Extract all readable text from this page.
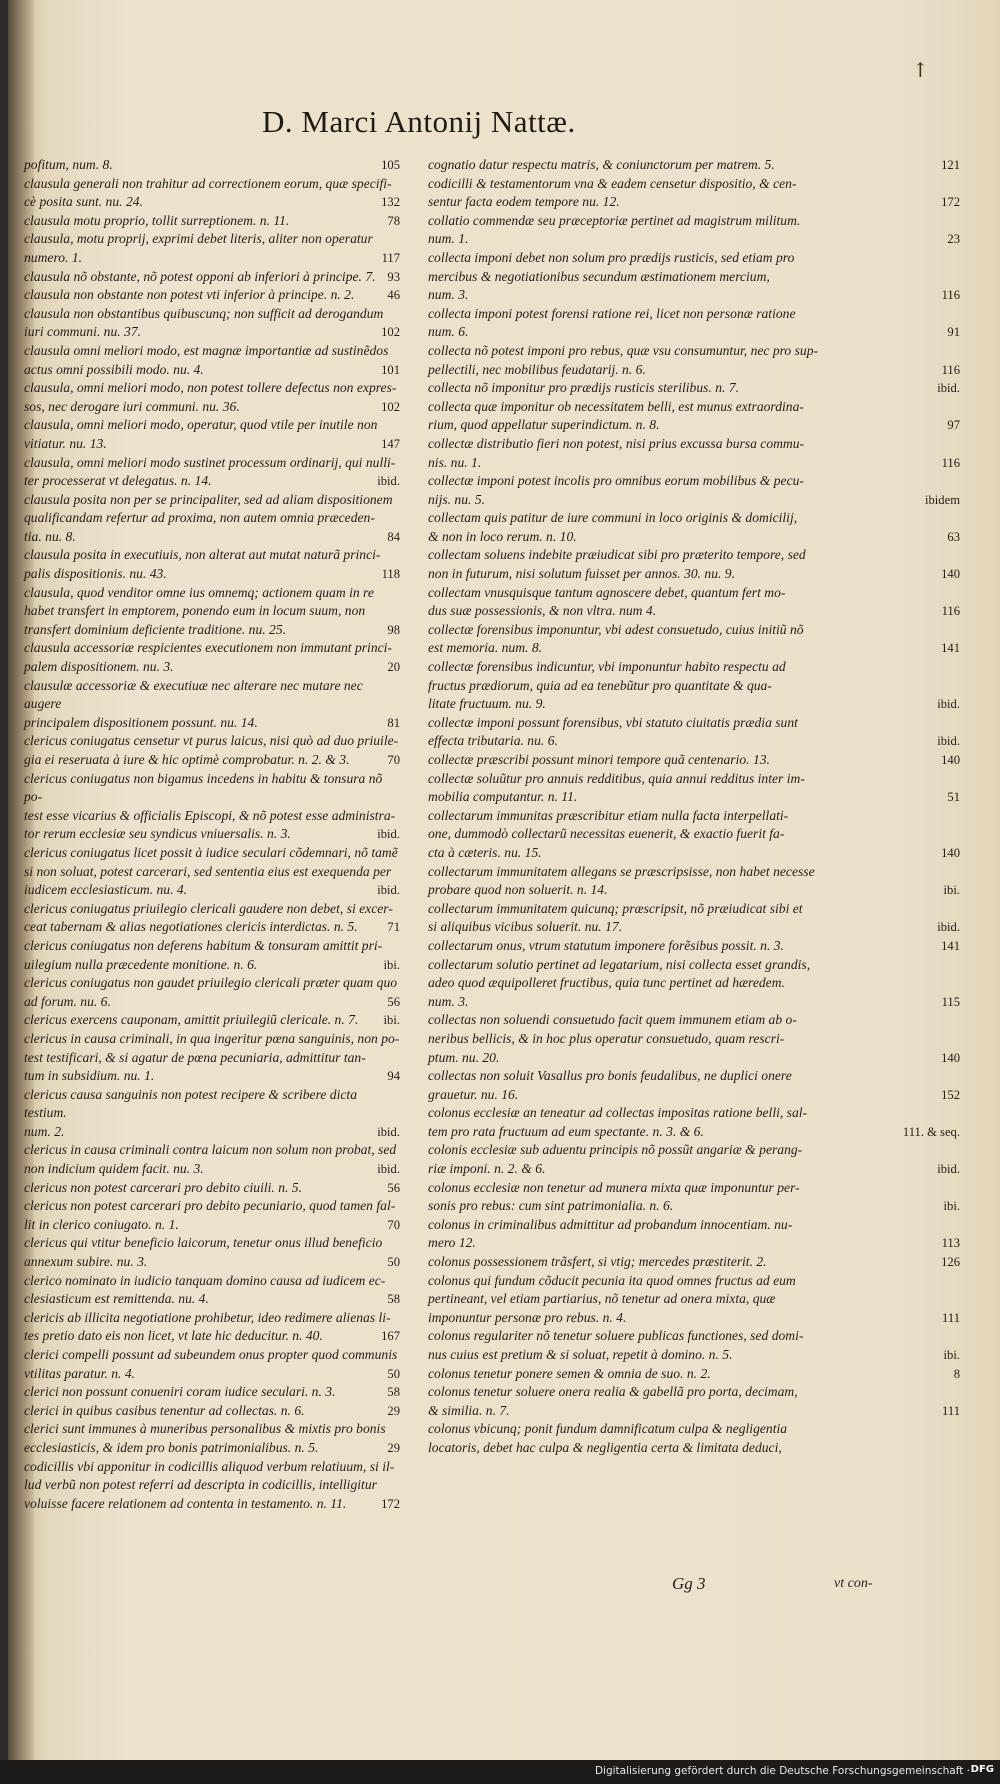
↑
D. Marci Antonij Nattæ.
pofitum, num. 8.	105
clausula generali non trahitur ad correctionem eorum, quæ specifi-
cè posita sunt. nu. 24.	132
clausula motu proprio, tollit surreptionem. n. 11.	78
clausula, motu proprij, exprimi debet literis, aliter non operatur
numero. 1.	117
clausula nõ obstante, nõ potest opponi ab inferiori à principe. 7. 93
clausula non obstante non potest vti inferior à principe. n. 2.	46
clausula non obstantibus quibuscunq; non sufficit ad derogandum
iuri communi. nu. 37.	102
clausula omni meliori modo, est magnæ importantiæ ad sustinẽdos
actus omni possibili modo. nu. 4.	101
clausula, omni meliori modo, non potest tollere defectus non expres-
sos, nec derogare iuri communi. nu. 36.	102
clausula, omni meliori modo, operatur, quod vtile per inutile non
vitiatur. nu. 13.	147
clausula, omni meliori modo sustinet processum ordinarij, qui nulli-
ter processerat vt delegatus. n. 14.	ibid.
clausula posita non per se principaliter, sed ad aliam dispositionem
qualificandam refertur ad proxima, non autem omnia præceden-
tia. nu. 8.	84
clausula posita in executiuis, non alterat aut mutat naturã princi-
palis dispositionis. nu. 43.	118
clausula, quod venditor omne ius omnemq; actionem quam in re
habet transfert in emptorem, ponendo eum in locum suum, non
transfert dominium deficiente traditione. nu. 25.	98
clausula accessoriæ respicientes executionem non immutant princi-
palem dispositionem. nu. 3.	20
clausulæ accessoriæ & executiuæ nec alterare nec mutare nec augere
principalem dispositionem possunt. nu. 14.	81
clericus coniugatus censetur vt purus laicus, nisi quò ad duo priuile-
gia ei reseruata à iure & hic optimè comprobatur. n. 2. & 3.	70
clericus coniugatus non bigamus incedens in habitu & tonsura nõ po-
test esse vicarius & officialis Episcopi, & nõ potest esse administra-
tor rerum ecclesiæ seu syndicus vniuersalis. n. 3.	ibid.
clericus coniugatus licet possit à iudice seculari cõdemnari, nõ tamẽ
si non soluat, potest carcerari, sed sententia eius est exequenda per
iudicem ecclesiasticum. nu. 4.	ibid.
clericus coniugatus priuilegio clericali gaudere non debet, si excer-
ceat tabernam & alias negotiationes clericis interdictas. n. 5.	71
clericus coniugatus non deferens habitum & tonsuram amittit pri-
uilegium nulla præcedente monitione. n. 6.	ibi.
clericus coniugatus non gaudet priuilegio clericali præter quam quo
ad forum. nu. 6.	56
clericus exercens cauponam, amittit priuilegiũ clericale. n. 7.	ibi.
clericus in causa criminali, in qua ingeritur pœna sanguinis, non po-
test testificari, & si agatur de pœna pecuniaria, admittitur tan-
tum in subsidium. nu. 1.	94
clericus causa sanguinis non potest recipere & scribere dicta testium.
num. 2.	ibid.
clericus in causa criminali contra laicum non solum non probat, sed
non indicium quidem facit. nu. 3.	ibid.
clericus non potest carcerari pro debito ciuili. n. 5.	56
clericus non potest carcerari pro debito pecuniario, quod tamen fal-
lit in clerico coniugato. n. 1.	70
clericus qui vtitur beneficio laicorum, tenetur onus illud beneficio
annexum subire. nu. 3.	50
clerico nominato in iudicio tanquam domino causa ad iudicem ec-
clesiasticum est remittenda. nu. 4.	58
clericis ab illicita negotiatione prohibetur, ideo redimere alienas li-
tes pretio dato eis non licet, vt late hic deducitur. n. 40.	167
clerici compelli possunt ad subeundem onus propter quod communis
vtilitas paratur. n. 4.	50
clerici non possunt conueniri coram iudice seculari. n. 3.	58
clerici in quibus casibus tenentur ad collectas. n. 6.	29
clerici sunt immunes à muneribus personalibus & mixtis pro bonis
ecclesiasticis, & idem pro bonis patrimonialibus. n. 5.	29
codicillis vbi apponitur in codicillis aliquod verbum relatiuum, si il-
lud verbũ non potest referri ad descripta in codicillis, intelligitur
voluisse facere relationem ad contenta in testamento. n. 11.	172
cognatio datur respectu matris, & coniunctorum per matrem. 5.	121
codicilli & testamentorum vna & eadem censetur dispositio, & cen-
sentur facta eodem tempore nu. 12.	172
collatio commendæ seu præceptoriæ pertinet ad magistrum militum.
num. 1.	23
collecta imponi debet non solum pro prædijs rusticis, sed etiam pro
mercibus & negotiationibus secundum æstimationem mercium,
num. 3.	116
collecta imponi potest forensi ratione rei, licet non personæ ratione
num. 6.	91
collecta nõ potest imponi pro rebus, quæ vsu consumuntur, nec pro sup-
pellectili, nec mobilibus feudatarij. n. 6.	116
collecta nõ imponitur pro prædijs rusticis sterilibus. n. 7.	ibid.
collecta quæ imponitur ob necessitatem belli, est munus extraordina-
rium, quod appellatur superindictum. n. 8.	97
collectæ distributio fieri non potest, nisi prius excussa bursa commu-
nis. nu. 1.	116
collectæ imponi potest incolis pro omnibus eorum mobilibus & pecu-
nijs. nu. 5.	ibidem
collectam quis patitur de iure communi in loco originis & domicilij,
& non in loco rerum. n. 10.	63
collectam soluens indebite præiudicat sibi pro præterito tempore, sed
non in futurum, nisi solutum fuisset per annos. 30. nu. 9.	140
collectam vnusquisque tantum agnoscere debet, quantum fert mo-
dus suæ possessionis, & non vltra. num 4.	116
collectæ forensibus imponuntur, vbi adest consuetudo, cuius initiũ nõ
est memoria. num. 8.	141
collectæ forensibus indicuntur, vbi imponuntur habito respectu ad
fructus prædiorum, quia ad ea tenebũtur pro quantitate & qua-
litate fructuum. nu. 9.	ibid.
collectæ imponi possunt forensibus, vbi statuto ciuitatis prædia sunt
effecta tributaria. nu. 6.	ibid.
collectæ præscribi possunt minori tempore quã centenario. 13.	140
collectæ soluũtur pro annuis redditibus, quia annui redditus inter im-
mobilia computantur. n. 11.	51
collectarum immunitas præscribitur etiam nulla facta interpellati-
one, dummodò collectarũ necessitas euenerit, & exactio fuerit fa-
cta à cæteris. nu. 15.	140
collectarum immunitatem allegans se præscripsisse, non habet necesse
probare quod non soluerit. n. 14.	ibi.
collectarum immunitatem quicunq; præscripsit, nõ præiudicat sibi et
si aliquibus vicibus soluerit. nu. 17.	ibid.
collectarum onus, vtrum statutum imponere forẽsibus possit. n. 3.	141
collectarum solutio pertinet ad legatarium, nisi collecta esset grandis,
adeo quod æquipolleret fructibus, quia tunc pertinet ad hæredem.
num. 3.	115
collectas non soluendi consuetudo facit quem immunem etiam ab o-
neribus bellicis, & in hoc plus operatur consuetudo, quam rescri-
ptum. nu. 20.	140
collectas non soluit Vasallus pro bonis feudalibus, ne duplici onere
grauetur. nu. 16.	152
colonus ecclesiæ an teneatur ad collectas impositas ratione belli, sal-
tem pro rata fructuum ad eum spectante. n. 3. & 6.	111. & seq.
colonis ecclesiæ sub aduentu principis nõ possũt angariæ & perang-
riæ imponi. n. 2. & 6.	ibid.
colonus ecclesiæ non tenetur ad munera mixta quæ imponuntur per-
sonis pro rebus: cum sint patrimonialia. n. 6.	ibi.
colonus in criminalibus admittitur ad probandum innocentiam. nu-
mero 12.	113
colonus possessionem trãsfert, si vtig; mercedes præstiterit. 2.	126
colonus qui fundum cõducit pecunia ita quod omnes fructus ad eum
pertineant, vel etiam partiarius, nõ tenetur ad onera mixta, quæ
imponuntur personæ pro rebus. n. 4.	111
colonus regulariter nõ tenetur soluere publicas functiones, sed domi-
nus cuius est pretium & si soluat, repetit à domino. n. 5.	ibi.
colonus tenetur ponere semen & omnia de suo. n. 2.	8
colonus tenetur soluere onera realia & gabellã pro porta, decimam,
& similia. n. 7.	111
colonus vbicunq; ponit fundum damnificatum culpa & negligentia
locatoris, debet hac culpa & negligentia certa & limitata deduci,
Gg 3	vt con-
Digitalisierung gefördert durch die Deutsche Forschungsgemeinschaft · DFG
